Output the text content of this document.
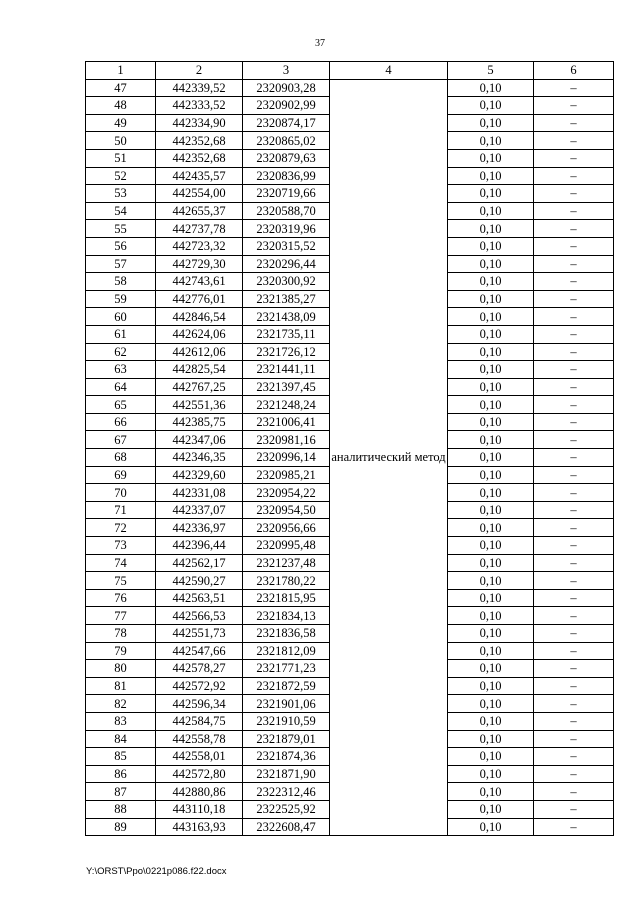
37
1	2	3	4	5	6
47	442339,52	2320903,28	аналитический метод	0,10	–
48	442333,52	2320902,99		0,10	–
49	442334,90	2320874,17		0,10	–
50	442352,68	2320865,02		0,10	–
51	442352,68	2320879,63		0,10	–
52	442435,57	2320836,99		0,10	–
53	442554,00	2320719,66		0,10	–
54	442655,37	2320588,70		0,10	–
55	442737,78	2320319,96		0,10	–
56	442723,32	2320315,52		0,10	–
57	442729,30	2320296,44		0,10	–
58	442743,61	2320300,92		0,10	–
59	442776,01	2321385,27		0,10	–
60	442846,54	2321438,09		0,10	–
61	442624,06	2321735,11		0,10	–
62	442612,06	2321726,12		0,10	–
63	442825,54	2321441,11		0,10	–
64	442767,25	2321397,45		0,10	–
65	442551,36	2321248,24		0,10	–
66	442385,75	2321006,41		0,10	–
67	442347,06	2320981,16		0,10	–
68	442346,35	2320996,14		0,10	–
69	442329,60	2320985,21		0,10	–
70	442331,08	2320954,22		0,10	–
71	442337,07	2320954,50		0,10	–
72	442336,97	2320956,66		0,10	–
73	442396,44	2320995,48		0,10	–
74	442562,17	2321237,48		0,10	–
75	442590,27	2321780,22		0,10	–
76	442563,51	2321815,95		0,10	–
77	442566,53	2321834,13		0,10	–
78	442551,73	2321836,58		0,10	–
79	442547,66	2321812,09		0,10	–
80	442578,27	2321771,23		0,10	–
81	442572,92	2321872,59		0,10	–
82	442596,34	2321901,06		0,10	–
83	442584,75	2321910,59		0,10	–
84	442558,78	2321879,01		0,10	–
85	442558,01	2321874,36		0,10	–
86	442572,80	2321871,90		0,10	–
87	442880,86	2322312,46		0,10	–
88	443110,18	2322525,92		0,10	–
89	443163,93	2322608,47		0,10	–
Y:\ORST\Ppo\0221p086.f22.docx
